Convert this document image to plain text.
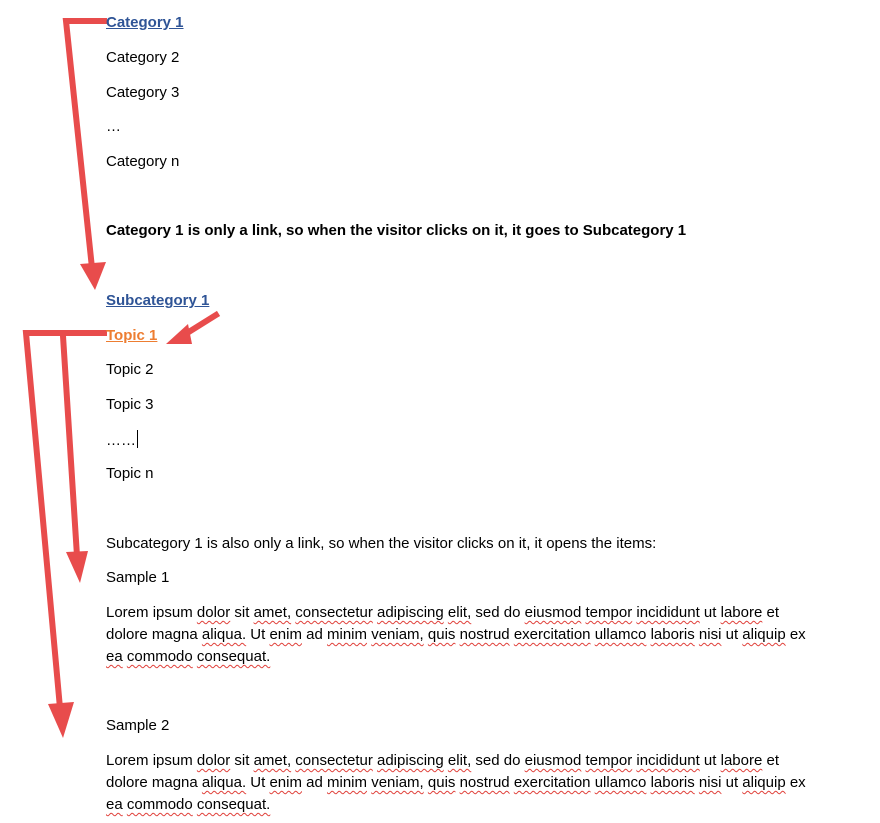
Category 1
Category 2
Category 3
…
Category n
Category 1 is only a link, so when the visitor clicks on it, it goes to Subcategory 1
Subcategory 1
Topic 1
Topic 2
Topic 3
……
Topic n
Subcategory 1 is also only a link, so when the visitor clicks on it, it opens the items:
Sample 1
Lorem ipsum dolor sit amet, consectetur adipiscing elit, sed do eiusmod tempor incididunt ut labore et dolore magna aliqua. Ut enim ad minim veniam, quis nostrud exercitation ullamco laboris nisi ut aliquip ex ea commodo consequat.
Sample 2
Lorem ipsum dolor sit amet, consectetur adipiscing elit, sed do eiusmod tempor incididunt ut labore et dolore magna aliqua. Ut enim ad minim veniam, quis nostrud exercitation ullamco laboris nisi ut aliquip ex ea commodo consequat.
